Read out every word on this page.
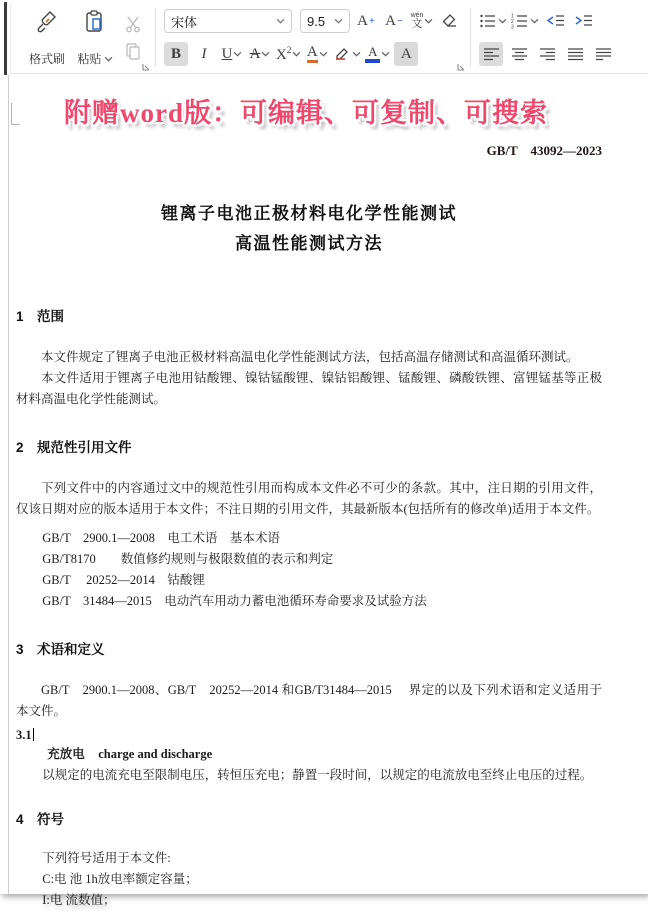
格式刷 粘贴
宋体	9.5 A + A − wén
文
B I U A $X^2$ A	A A
1
2
3
附赠word版：可编辑、可复制、可搜索
GB/T　43092—2023
锂离子电池正极材料电化学性能测试
高温性能测试方法
1　范围

本文件规定了锂离子电池正极材料高温电化学性能测试方法，包括高温存储测试和高温循环测试。

本文件适用于锂离子电池用钴酸锂、镍钴锰酸锂、镍钴铝酸锂、锰酸锂、磷酸铁锂、富锂锰基等正极材料高温电化学性能测试。

2　规范性引用文件

下列文件中的内容通过文中的规范性引用而构成本文件必不可少的条款。其中，注日期的引用文件，仅该日期对应的版本适用于本文件；不注日期的引用文件，其最新版本(包括所有的修改单)适用于本文件。

GB/T　2900.1—2008　电工术语　基本术语
GB/T8170　　数值修约规则与极限数值的表示和判定
GB/T　 20252—2014　钴酸锂
GB/T　31484—2015　电动汽车用动力蓄电池循环寿命要求及试验方法
3　术语和定义

GB/T　2900.1—2008、GB/T　20252—2014 和GB/T31484—2015　 界定的以及下列术语和定义适用于本文件。

3.1
充放电 charge and discharge
以规定的电流充电至限制电压，转恒压充电；静置一段时间，以规定的电流放电至终止电压的过程。
4　符号
下列符号适用于本文件:
C:电 池 1h放电率额定容量；
I:电 流数值；
